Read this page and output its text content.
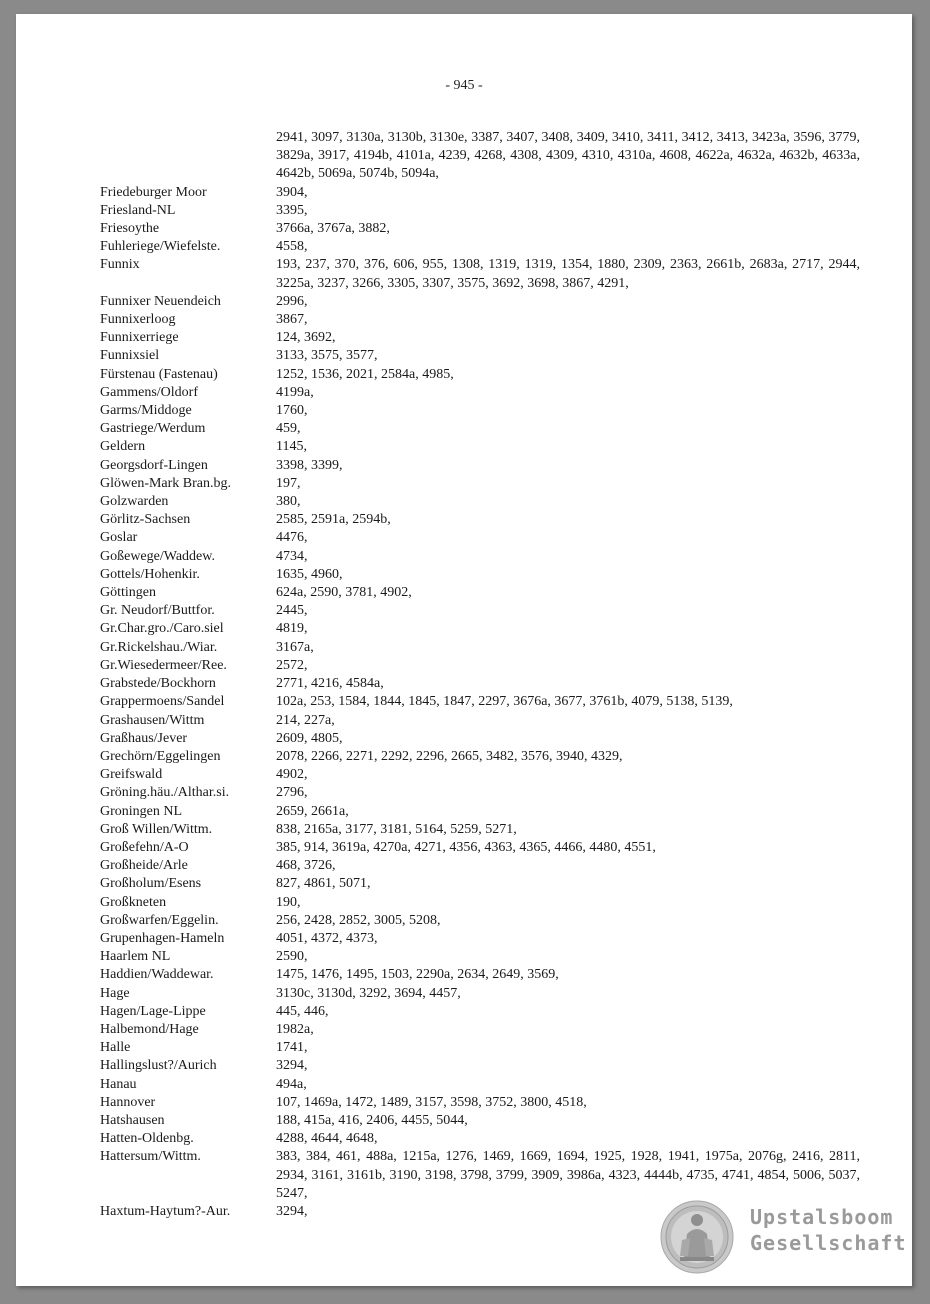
- 945 -
2941, 3097, 3130a, 3130b, 3130e, 3387, 3407, 3408, 3409, 3410, 3411, 3412, 3413, 3423a, 3596, 3779, 3829a, 3917, 4194b, 4101a, 4239, 4268, 4308, 4309, 4310, 4310a, 4608, 4622a, 4632a, 4632b, 4633a, 4642b, 5069a, 5074b, 5094a,
Friedeburger Moor	3904,
Friesland-NL	3395,
Friesoythe	3766a, 3767a, 3882,
Fuhleriege/Wiefelste.	4558,
Funnix	193, 237, 370, 376, 606, 955, 1308, 1319, 1319, 1354, 1880, 2309, 2363, 2661b, 2683a, 2717, 2944, 3225a, 3237, 3266, 3305, 3307, 3575, 3692, 3698, 3867, 4291,
Funnixer Neuendeich	2996,
Funnixerloog	3867,
Funnixerriege	124, 3692,
Funnixsiel	3133, 3575, 3577,
Fürstenau (Fastenau)	1252, 1536, 2021, 2584a, 4985,
Gammens/Oldorf	4199a,
Garms/Middoge	1760,
Gastriege/Werdum	459,
Geldern	1145,
Georgsdorf-Lingen	3398, 3399,
Glöwen-Mark Bran.bg.	197,
Golzwarden	380,
Görlitz-Sachsen	2585, 2591a, 2594b,
Goslar	4476,
Goßewege/Waddew.	4734,
Gottels/Hohenkir.	1635, 4960,
Göttingen	624a, 2590, 3781, 4902,
Gr. Neudorf/Buttfor.	2445,
Gr.Char.gro./Caro.siel	4819,
Gr.Rickelshau./Wiar.	3167a,
Gr.Wiesedermeer/Ree.	2572,
Grabstede/Bockhorn	2771, 4216, 4584a,
Grappermoens/Sandel	102a, 253, 1584, 1844, 1845, 1847, 2297, 3676a, 3677, 3761b, 4079, 5138, 5139,
Grashausen/Wittm	214, 227a,
Graßhaus/Jever	2609, 4805,
Grechörn/Eggelingen	2078, 2266, 2271, 2292, 2296, 2665, 3482, 3576, 3940, 4329,
Greifswald	4902,
Gröning.häu./Althar.si.	2796,
Groningen NL	2659, 2661a,
Groß Willen/Wittm.	838, 2165a, 3177, 3181, 5164, 5259, 5271,
Großefehn/A-O	385, 914, 3619a, 4270a, 4271, 4356, 4363, 4365, 4466, 4480, 4551,
Großheide/Arle	468, 3726,
Großholum/Esens	827, 4861, 5071,
Großkneten	190,
Großwarfen/Eggelin.	256, 2428, 2852, 3005, 5208,
Grupenhagen-Hameln	4051, 4372, 4373,
Haarlem NL	2590,
Haddien/Waddewar.	1475, 1476, 1495, 1503, 2290a, 2634, 2649, 3569,
Hage	3130c, 3130d, 3292, 3694, 4457,
Hagen/Lage-Lippe	445, 446,
Halbemond/Hage	1982a,
Halle	1741,
Hallingslust?/Aurich	3294,
Hanau	494a,
Hannover	107, 1469a, 1472, 1489, 3157, 3598, 3752, 3800, 4518,
Hatshausen	188, 415a, 416, 2406, 4455, 5044,
Hatten-Oldenbg.	4288, 4644, 4648,
Hattersum/Wittm.	383, 384, 461, 488a, 1215a, 1276, 1469, 1669, 1694, 1925, 1928, 1941, 1975a, 2076g, 2416, 2811, 2934, 3161, 3161b, 3190, 3198, 3798, 3799, 3909, 3986a, 4323, 4444b, 4735, 4741, 4854, 5006, 5037, 5247,
Haxtum-Haytum?-Aur.	3294,	Upstalsboom
Gesellschaft
